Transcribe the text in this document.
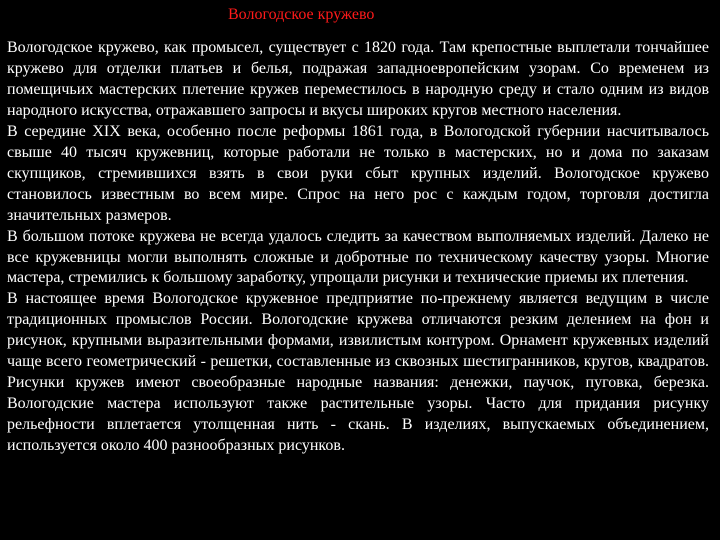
Вологодское кружево

Вологодское кружево, как промысел, существует с 1820 года. Там крепостные выплетали тончайшее кружево для отделки платьев и белья, подражая западноевропейским узорам. Со временем из помещичьих мастерских плетение кружев переместилось в народную среду и стало одним из видов народного искусства, отражавшего запросы и вкусы широких кругов местного населения.

В середине XIX века, особенно после реформы 1861 года, в Вологодской губернии насчитывалось свыше 40 тысяч кружевниц, которые работали не только в мастерских, но и дома по заказам скупщиков, стремившихся взять в свои руки сбыт крупных изделий. Вологодское кружево становилось известным во всем мире. Спрос на него рос с каждым годом, торговля достигла значительных размеров.

В большом потоке кружева не всегда удалось следить за качеством выполняемых изделий. Далеко не все кружевницы могли выполнять сложные и добротные по техническому качеству узоры. Многие мастера, стремились к большому заработку, упрощали рисунки и технические приемы их плетения.

В настоящее время Вологодское кружевное предприятие по-прежнему является ведущим в числе традиционных промыслов России. Вологодские кружева отличаются резким делением на фон и рисунок, крупными выразительными формами, извилистым контуром. Орнамент кружевных изделий чаще всего геометрический - решетки, составленные из сквозных шестигранников, кругов, квадратов. Рисунки кружев имеют своеобразные народные названия: денежки, паучок, пуговка, березка. Вологодские мастера используют также растительные узоры. Часто для придания рисунку рельефности вплетается утолщенная нить - скань. В изделиях, выпускаемых объединением, используется около 400 разнообразных рисунков.
